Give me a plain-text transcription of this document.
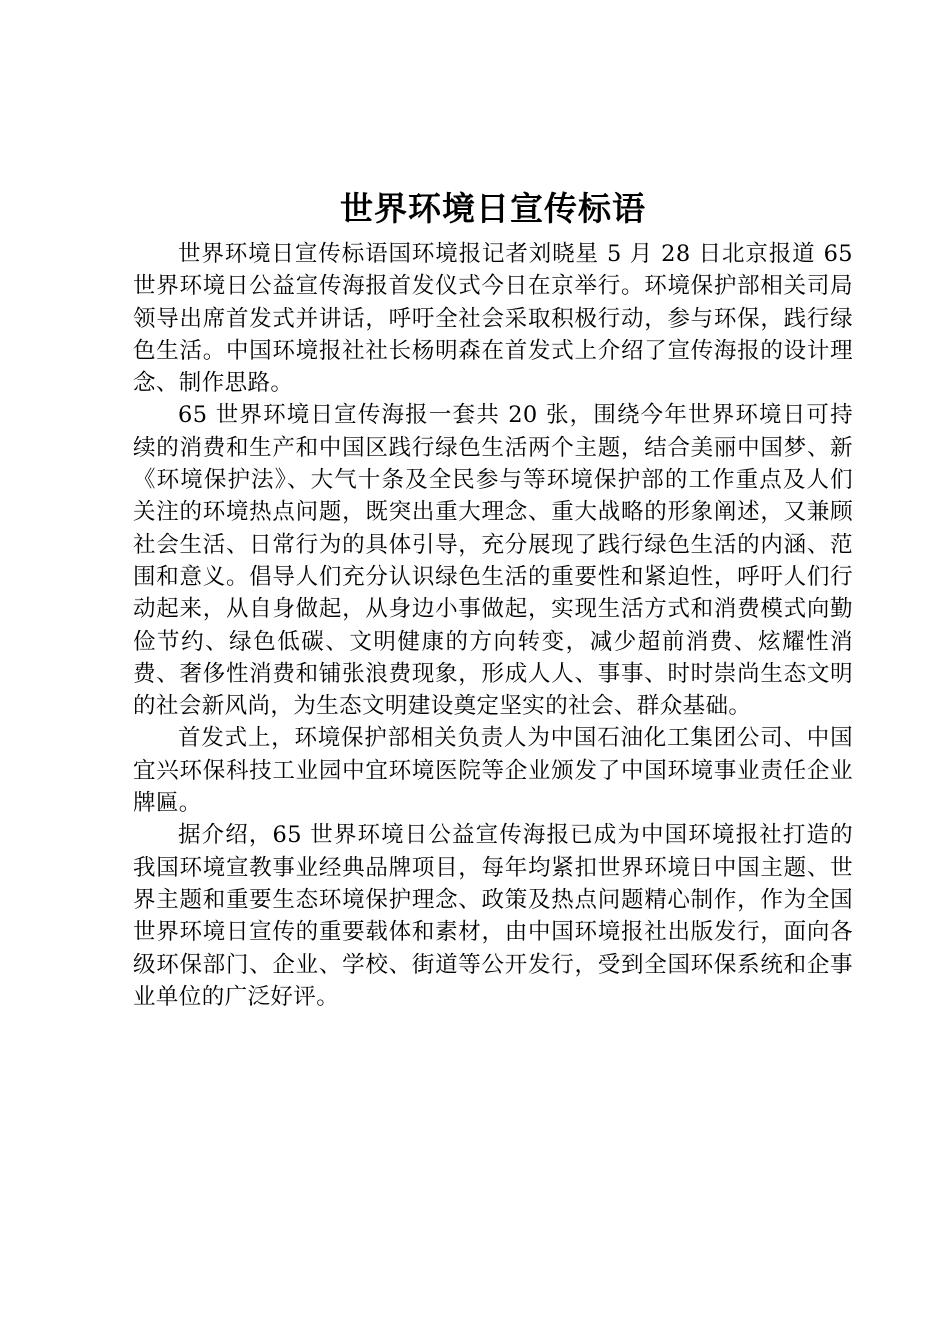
世界环境日宣传标语

世界环境日宣传标语国环境报记者刘晓星 5 月 28 日北京报道 65 世界环境日公益宣传海报首发仪式今日在京举行。环境保护部相关司局领导出席首发式并讲话，呼吁全社会采取积极行动，参与环保，践行绿色生活。中国环境报社社长杨明森在首发式上介绍了宣传海报的设计理念、制作思路。

65 世界环境日宣传海报一套共 20 张，围绕今年世界环境日可持续的消费和生产和中国区践行绿色生活两个主题，结合美丽中国梦、新《环境保护法》、大气十条及全民参与等环境保护部的工作重点及人们关注的环境热点问题，既突出重大理念、重大战略的形象阐述，又兼顾社会生活、日常行为的具体引导，充分展现了践行绿色生活的内涵、范围和意义。倡导人们充分认识绿色生活的重要性和紧迫性，呼吁人们行动起来，从自身做起，从身边小事做起，实现生活方式和消费模式向勤俭节约、绿色低碳、文明健康的方向转变，减少超前消费、炫耀性消费、奢侈性消费和铺张浪费现象，形成人人、事事、时时崇尚生态文明的社会新风尚，为生态文明建设奠定坚实的社会、群众基础。

首发式上，环境保护部相关负责人为中国石油化工集团公司、中国宜兴环保科技工业园中宜环境医院等企业颁发了中国环境事业责任企业牌匾。

据介绍，65 世界环境日公益宣传海报已成为中国环境报社打造的我国环境宣教事业经典品牌项目，每年均紧扣世界环境日中国主题、世界主题和重要生态环境保护理念、政策及热点问题精心制作，作为全国世界环境日宣传的重要载体和素材，由中国环境报社出版发行，面向各级环保部门、企业、学校、街道等公开发行，受到全国环保系统和企事业单位的广泛好评。
